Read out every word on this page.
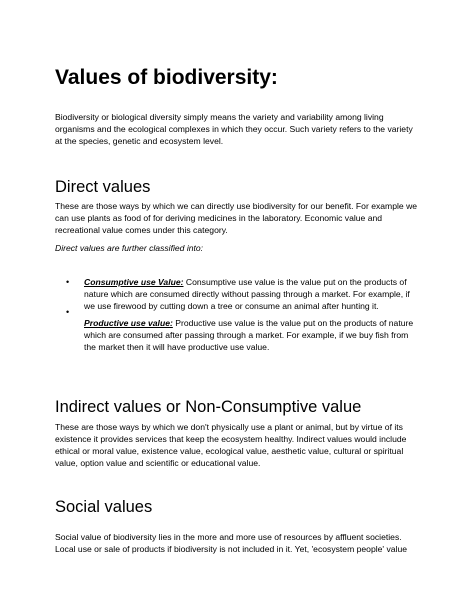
Values of biodiversity:
Biodiversity or biological diversity simply means the variety and variability among living
organisms and the ecological complexes in which they occur. Such variety refers to the variety
at the species, genetic and ecosystem level.
Direct values
These are those ways by which we can directly use biodiversity for our benefit. For example we
can use plants as food of for deriving medicines in the laboratory. Economic value and
recreational value comes under this category.
Direct values are further classified into:
• Consumptive use Value: Consumptive use value is the value put on the products of
nature which are consumed directly without passing through a market. For example, if
we use firewood by cutting down a tree or consume an animal after hunting it.
•
Productive use value: Productive use value is the value put on the products of nature
which are consumed after passing through a market. For example, if we buy fish from
the market then it will have productive use value.
Indirect values or Non-Consumptive value
These are those ways by which we don't physically use a plant or animal, but by virtue of its
existence it provides services that keep the ecosystem healthy. Indirect values would include
ethical or moral value, existence value, ecological value, aesthetic value, cultural or spiritual
value, option value and scientific or educational value.
Social values
Social value of biodiversity lies in the more and more use of resources by affluent societies.
Local use or sale of products if biodiversity is not included in it. Yet, 'ecosystem people' value
